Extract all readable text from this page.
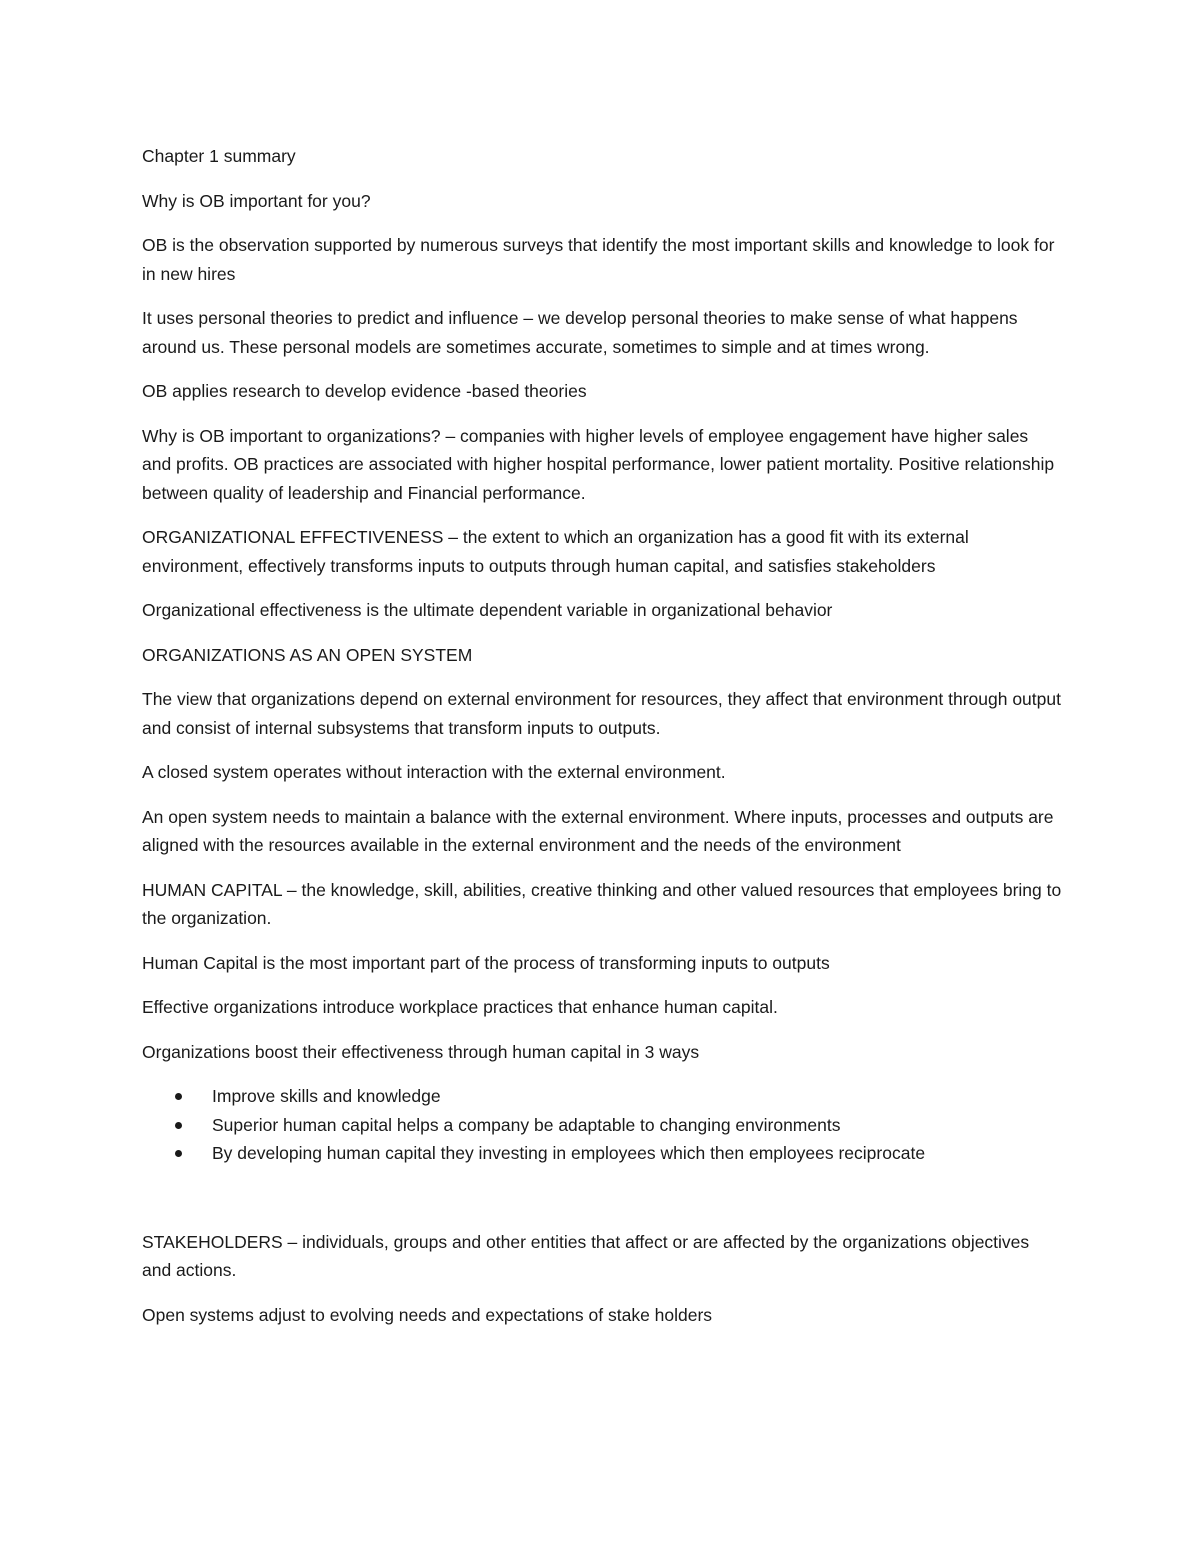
Chapter 1 summary

Why is OB important for you?

OB is the observation supported by numerous surveys that identify the most important skills and knowledge to look for in new hires

It uses personal theories to predict and influence – we develop personal theories to make sense of what happens around us. These personal models are sometimes accurate, sometimes to simple and at times wrong.

OB applies research to develop evidence -based theories

Why is OB important to organizations? – companies with higher levels of employee engagement have higher sales and profits. OB practices are associated with higher hospital performance, lower patient mortality. Positive relationship between quality of leadership and Financial performance.

ORGANIZATIONAL EFFECTIVENESS – the extent to which an organization has a good fit with its external environment, effectively transforms inputs to outputs through human capital, and satisfies stakeholders

Organizational effectiveness is the ultimate dependent variable in organizational behavior

ORGANIZATIONS AS AN OPEN SYSTEM

The view that organizations depend on external environment for resources, they affect that environment through output and consist of internal subsystems that transform inputs to outputs.

A closed system operates without interaction with the external environment.

An open system needs to maintain a balance with the external environment. Where inputs, processes and outputs are aligned with the resources available in the external environment and the needs of the environment

HUMAN CAPITAL – the knowledge, skill, abilities, creative thinking and other valued resources that employees bring to the organization.

Human Capital is the most important part of the process of transforming inputs to outputs

Effective organizations introduce workplace practices that enhance human capital.

Organizations boost their effectiveness through human capital in 3 ways

Improve skills and knowledge
Superior human capital helps a company be adaptable to changing environments
By developing human capital they investing in employees which then employees reciprocate

STAKEHOLDERS – individuals, groups and other entities that affect or are affected by the organizations objectives and actions.

Open systems adjust to evolving needs and expectations of stake holders
